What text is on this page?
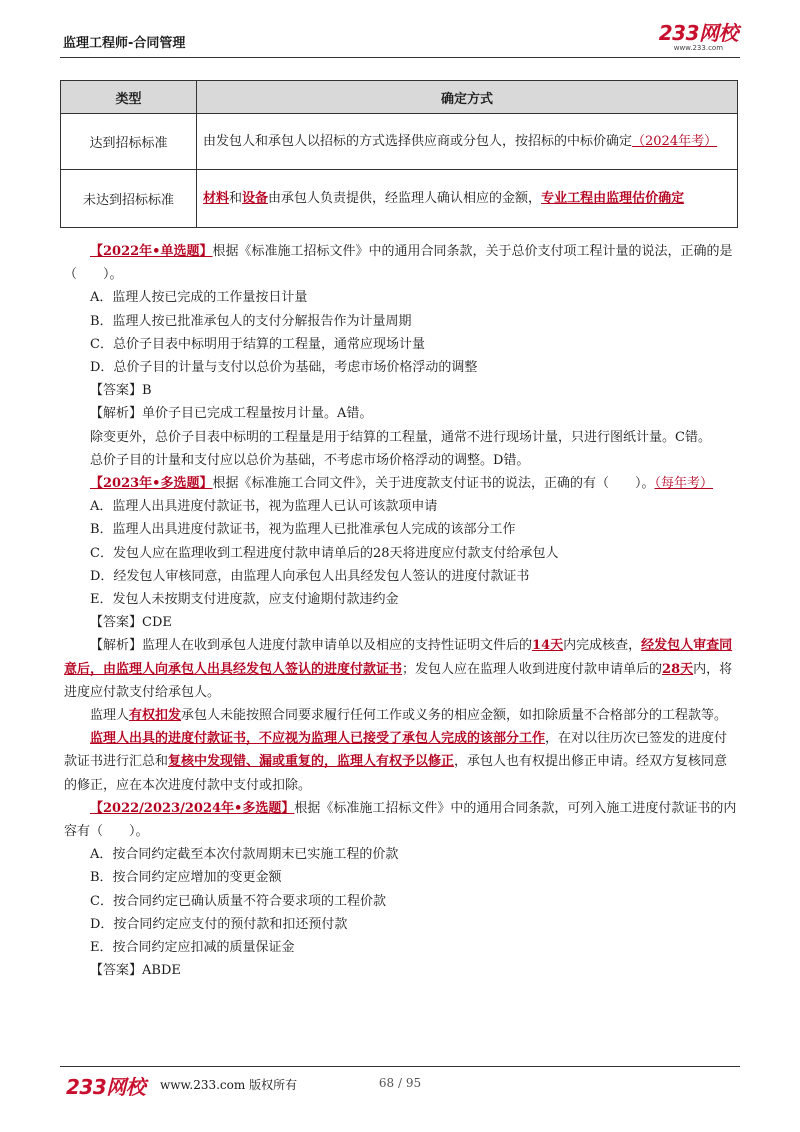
监理工程师-合同管理	233网校
www.233.com
类型	确定方式
达到招标标准	由发包人和承包人以招标的方式选择供应商或分包人，按招标的中标价确定（2024年考）
未达到招标标准	材料和设备由承包人负责提供，经监理人确认相应的金额，专业工程由监理估价确定

【2022年•单选题】根据《标准施工招标文件》中的通用合同条款，关于总价支付项工程计量的说法，正确的是（　　）。

A．监理人按已完成的工作量按日计量

B．监理人按已批准承包人的支付分解报告作为计量周期

C．总价子目表中标明用于结算的工程量，通常应现场计量

D．总价子目的计量与支付以总价为基础，考虑市场价格浮动的调整

【答案】B

【解析】单价子目已完成工程量按月计量。A错。

除变更外，总价子目表中标明的工程量是用于结算的工程量，通常不进行现场计量，只进行图纸计量。C错。

总价子目的计量和支付应以总价为基础，不考虑市场价格浮动的调整。D错。

【2023年•多选题】根据《标准施工合同文件》，关于进度款支付证书的说法，正确的有（　　）。（每年考）

A．监理人出具进度付款证书，视为监理人已认可该款项申请

B．监理人出具进度付款证书，视为监理人已批准承包人完成的该部分工作

C．发包人应在监理收到工程进度付款申请单后的28天将进度应付款支付给承包人

D．经发包人审核同意，由监理人向承包人出具经发包人签认的进度付款证书

E．发包人未按期支付进度款，应支付逾期付款违约金

【答案】CDE

【解析】监理人在收到承包人进度付款申请单以及相应的支持性证明文件后的14天内完成核查，经发包人审查同意后，由监理人向承包人出具经发包人签认的进度付款证书；发包人应在监理人收到进度付款申请单后的28天内，将进度应付款支付给承包人。

监理人有权扣发承包人未能按照合同要求履行任何工作或义务的相应金额，如扣除质量不合格部分的工程款等。

监理人出具的进度付款证书，不应视为监理人已接受了承包人完成的该部分工作，在对以往历次已签发的进度付款证书进行汇总和复核中发现错、漏或重复的，监理人有权予以修正，承包人也有权提出修正申请。经双方复核同意的修正，应在本次进度付款中支付或扣除。

【2022/2023/2024年•多选题】根据《标准施工招标文件》中的通用合同条款，可列入施工进度付款证书的内容有（　　）。

A．按合同约定截至本次付款周期末已实施工程的价款

B．按合同约定应增加的变更金额

C．按合同约定已确认质量不符合要求项的工程价款

D．按合同约定应支付的预付款和扣还预付款

E．按合同约定应扣减的质量保证金

【答案】ABDE

233网校 www.233.com 版权所有	68 / 95
